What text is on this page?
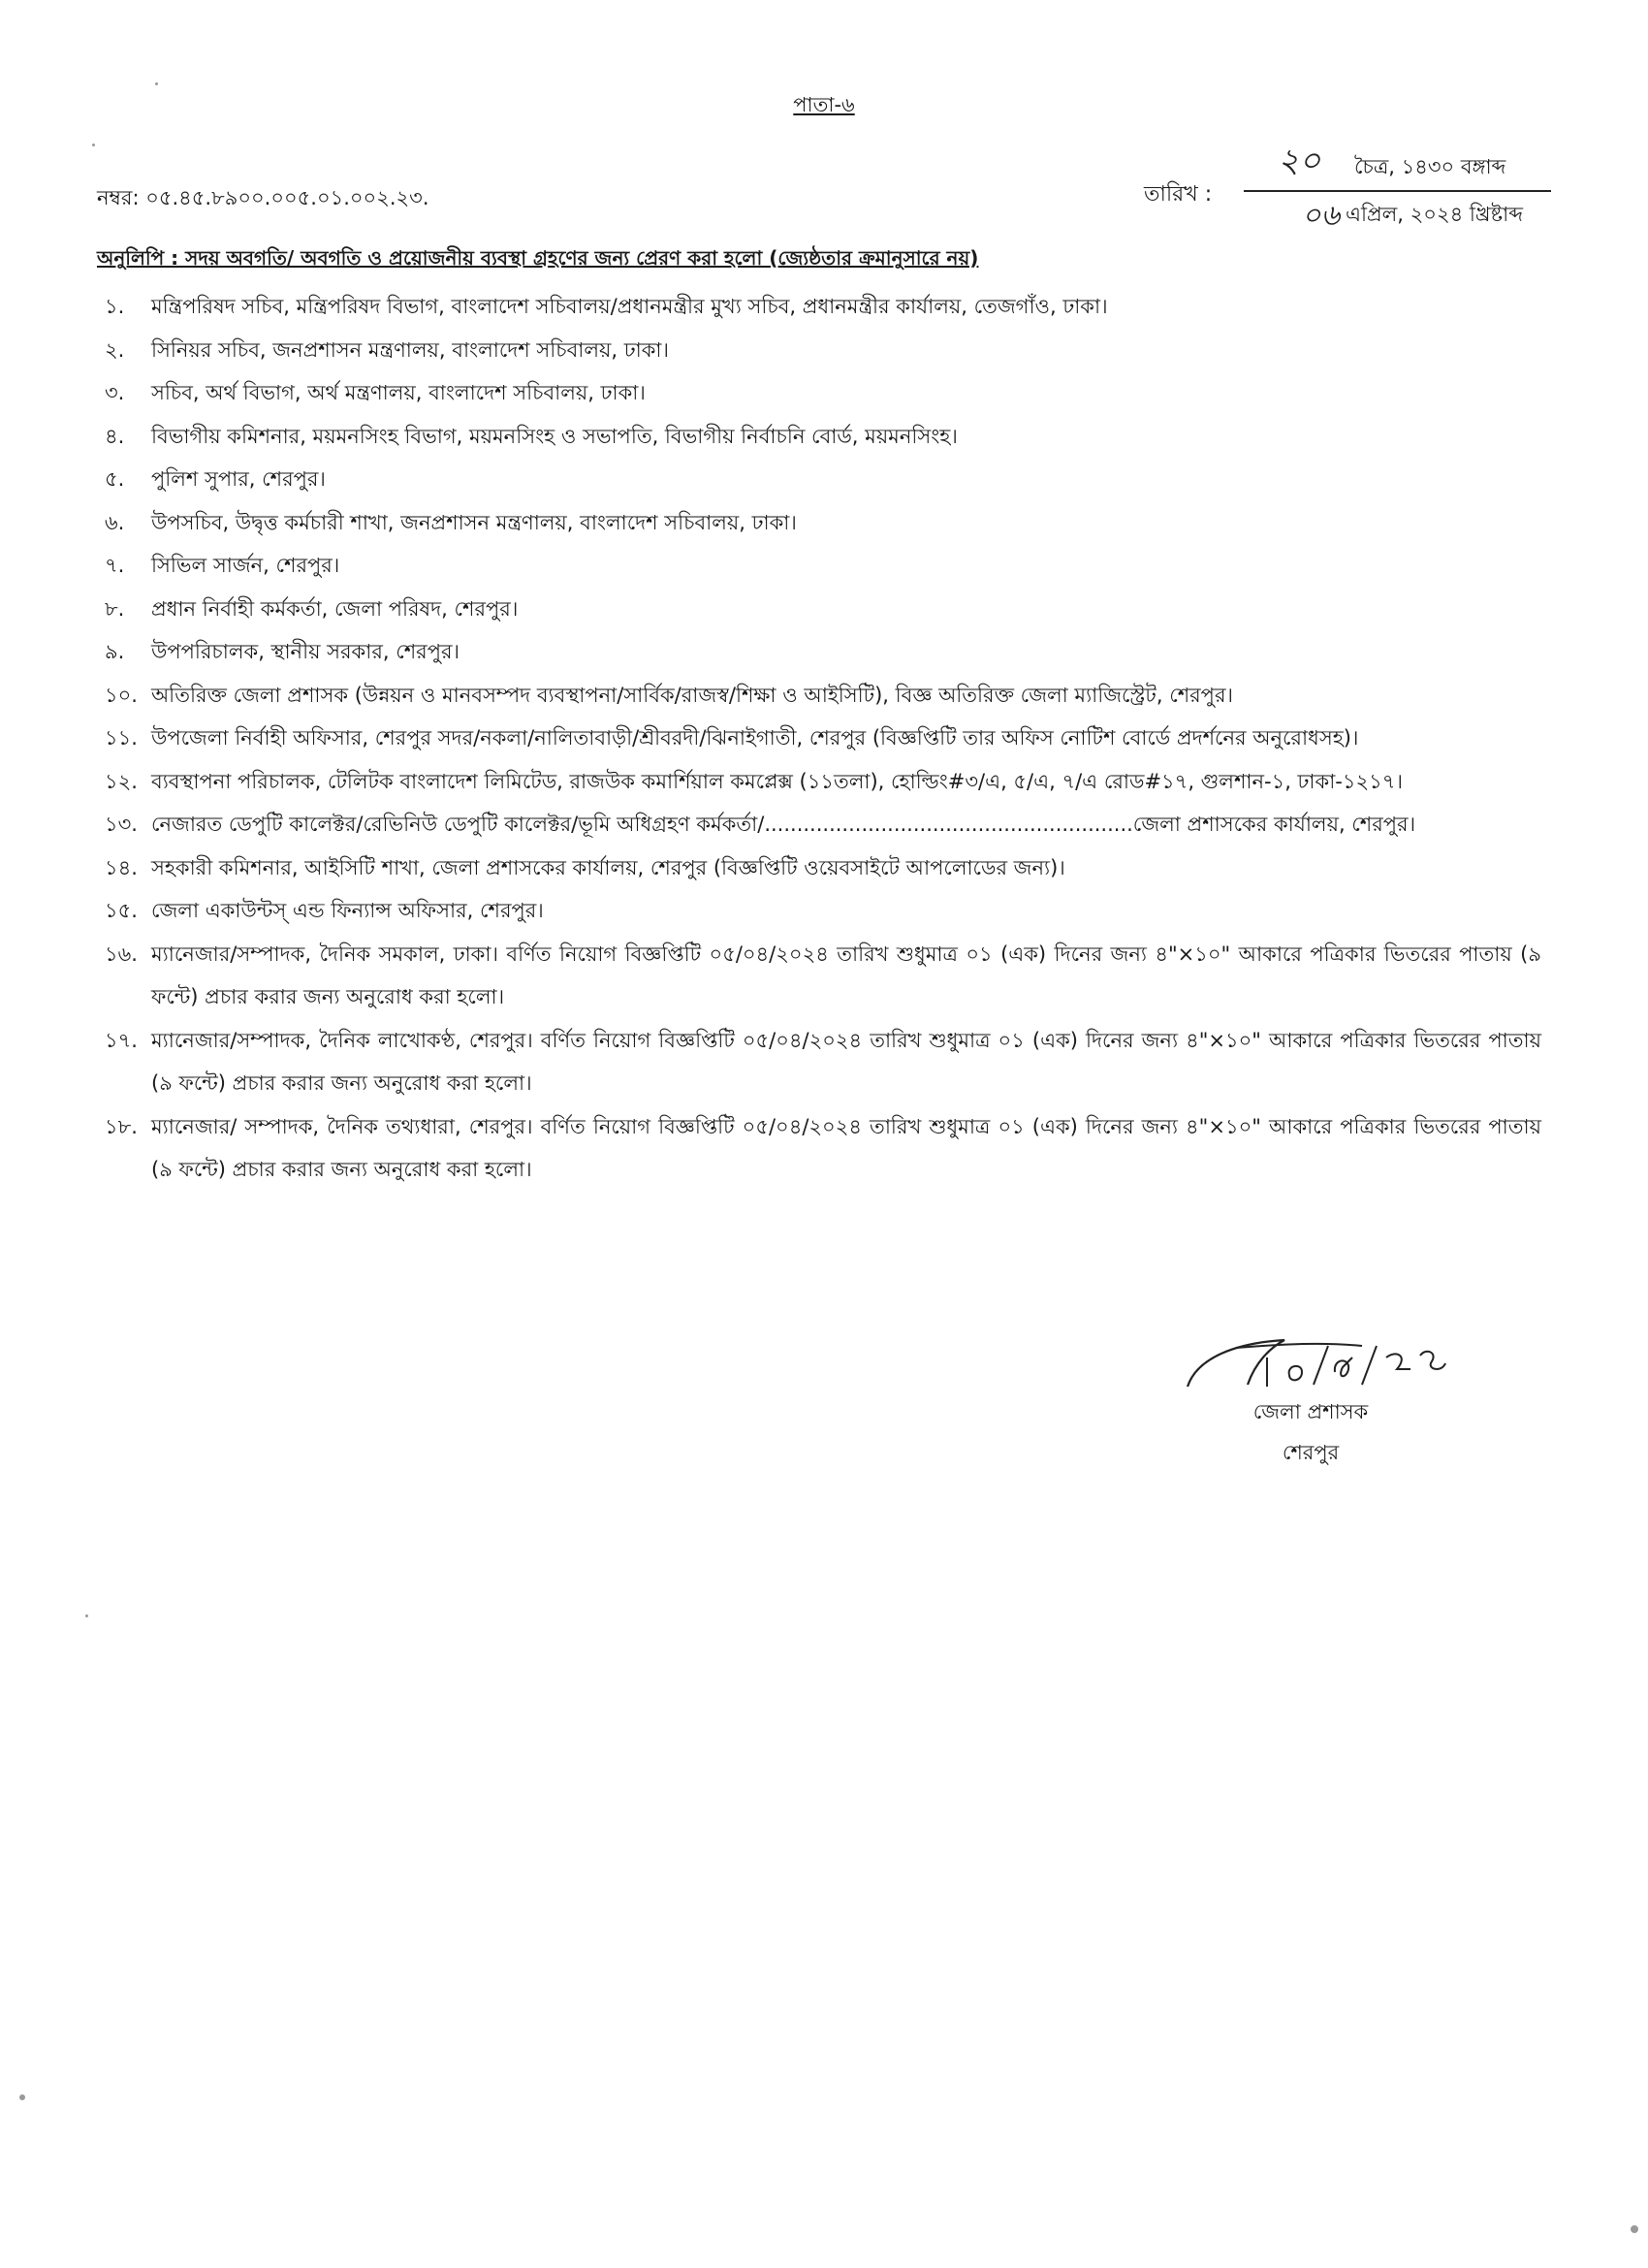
পাতা-৬
নম্বর: ০৫.৪৫.৮৯০০.০০৫.০১.০০২.২৩.	তারিখ :
২০ চৈত্র, ১৪৩০ বঙ্গাব্দ
০৬ এপ্রিল, ২০২৪ খ্রিষ্টাব্দ
অনুলিপি : সদয় অবগতি/ অবগতি ও প্রয়োজনীয় ব্যবস্থা গ্রহণের জন্য প্রেরণ করা হলো (জ্যেষ্ঠতার ক্রমানুসারে নয়)
১.	মন্ত্রিপরিষদ সচিব, মন্ত্রিপরিষদ বিভাগ, বাংলাদেশ সচিবালয়/প্রধানমন্ত্রীর মুখ্য সচিব, প্রধানমন্ত্রীর কার্যালয়, তেজগাঁও, ঢাকা।
২.	সিনিয়র সচিব, জনপ্রশাসন মন্ত্রণালয়, বাংলাদেশ সচিবালয়, ঢাকা।
৩.	সচিব, অর্থ বিভাগ, অর্থ মন্ত্রণালয়, বাংলাদেশ সচিবালয়, ঢাকা।
৪.	বিভাগীয় কমিশনার, ময়মনসিংহ বিভাগ, ময়মনসিংহ ও সভাপতি, বিভাগীয় নির্বাচনি বোর্ড, ময়মনসিংহ।
৫.	পুলিশ সুপার, শেরপুর।
৬.	উপসচিব, উদ্বৃত্ত কর্মচারী শাখা, জনপ্রশাসন মন্ত্রণালয়, বাংলাদেশ সচিবালয়, ঢাকা।
৭.	সিভিল সার্জন, শেরপুর।
৮.	প্রধান নির্বাহী কর্মকর্তা, জেলা পরিষদ, শেরপুর।
৯.	উপপরিচালক, স্থানীয় সরকার, শেরপুর।
১০. অতিরিক্ত জেলা প্রশাসক (উন্নয়ন ও মানবসম্পদ ব্যবস্থাপনা/সার্বিক/রাজস্ব/শিক্ষা ও আইসিটি), বিজ্ঞ অতিরিক্ত জেলা ম্যাজিস্ট্রেট, শেরপুর।
১১. উপজেলা নির্বাহী অফিসার, শেরপুর সদর/নকলা/নালিতাবাড়ী/শ্রীবরদী/ঝিনাইগাতী, শেরপুর (বিজ্ঞপ্তিটি তার অফিস নোটিশ বোর্ডে প্রদর্শনের অনুরোধসহ)।
১২. ব্যবস্থাপনা পরিচালক, টেলিটক বাংলাদেশ লিমিটেড, রাজউক কমার্শিয়াল কমপ্লেক্স (১১তলা), হোল্ডিং#৩/এ, ৫/এ, ৭/এ রোড#১৭, গুলশান-১, ঢাকা-১২১৭।
১৩. নেজারত ডেপুটি কালেক্টর/রেভিনিউ ডেপুটি কালেক্টর/ভূমি অধিগ্রহণ কর্মকর্তা/.........................................................জেলা প্রশাসকের কার্যালয়, শেরপুর।
১৪. সহকারী কমিশনার, আইসিটি শাখা, জেলা প্রশাসকের কার্যালয়, শেরপুর (বিজ্ঞপ্তিটি ওয়েবসাইটে আপলোডের জন্য)।
১৫. জেলা একাউন্টস্ এন্ড ফিন্যান্স অফিসার, শেরপুর।
১৬. ম্যানেজার/সম্পাদক, দৈনিক সমকাল, ঢাকা। বর্ণিত নিয়োগ বিজ্ঞপ্তিটি ০৫/০৪/২০২৪ তারিখ শুধুমাত্র ০১ (এক) দিনের জন্য ৪"×১০" আকারে পত্রিকার ভিতরের পাতায় (৯ ফন্টে) প্রচার করার জন্য অনুরোধ করা হলো।
১৭. ম্যানেজার/সম্পাদক, দৈনিক লাখোকণ্ঠ, শেরপুর। বর্ণিত নিয়োগ বিজ্ঞপ্তিটি ০৫/০৪/২০২৪ তারিখ শুধুমাত্র ০১ (এক) দিনের জন্য ৪"×১০" আকারে পত্রিকার ভিতরের পাতায় (৯ ফন্টে) প্রচার করার জন্য অনুরোধ করা হলো।
১৮. ম্যানেজার/ সম্পাদক, দৈনিক তথ্যধারা, শেরপুর। বর্ণিত নিয়োগ বিজ্ঞপ্তিটি ০৫/০৪/২০২৪ তারিখ শুধুমাত্র ০১ (এক) দিনের জন্য ৪"×১০" আকারে পত্রিকার ভিতরের পাতায় (৯ ফন্টে) প্রচার করার জন্য অনুরোধ করা হলো।
জেলা প্রশাসক
শেরপুর
